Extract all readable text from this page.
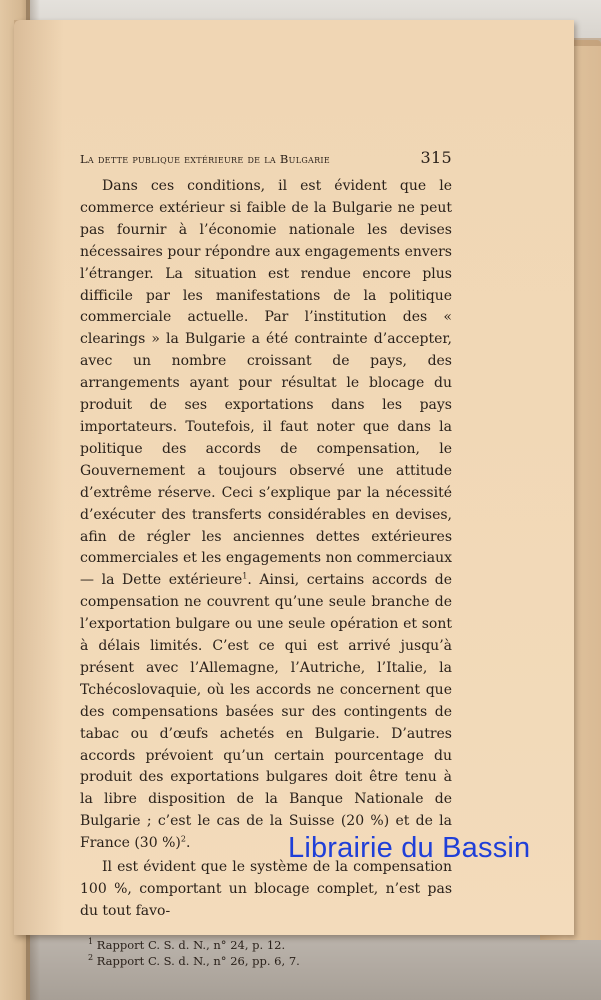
La dette publique extérieure de la Bulgarie	315

Dans ces conditions, il est évident que le commerce extérieur si faible de la Bulgarie ne peut pas fournir à l’économie nationale les devises nécessaires pour répondre aux engagements envers l’étranger. La situation est rendue encore plus difficile par les manifestations de la politique commerciale actuelle. Par l’institution des « clearings » la Bulgarie a été contrainte d’accepter, avec un nombre croissant de pays, des arrangements ayant pour résultat le blocage du produit de ses exportations dans les pays importateurs. Toutefois, il faut noter que dans la politique des accords de compensation, le Gouvernement a toujours observé une attitude d’extrême réserve. Ceci s’explique par la nécessité d’exécuter des transferts considérables en devises, afin de régler les anciennes dettes extérieures commerciales et les engagements non commerciaux — la Dette extérieure$^1$. Ainsi, certains accords de compensation ne couvrent qu’une seule branche de l’exportation bulgare ou une seule opération et sont à délais limités. C’est ce qui est arrivé jusqu’à présent avec l’Allemagne, l’Autriche, l’Italie, la Tchécoslovaquie, où les accords ne concernent que des compensations basées sur des contingents de tabac ou d’œufs achetés en Bulgarie. D’autres accords prévoient qu’un certain pourcentage du produit des exportations bulgares doit être tenu à la libre disposition de la Banque Nationale de Bulgarie ; c’est le cas de la Suisse (20 %) et de la France (30 %)$^2$.

Il est évident que le système de la compensation 100 %, comportant un blocage complet, n’est pas du tout favo-

$^1$ Rapport C. S. d. N., n° 24, p. 12.
$^2$ Rapport C. S. d. N., n° 26, pp. 6, 7.
Librairie du Bassin
